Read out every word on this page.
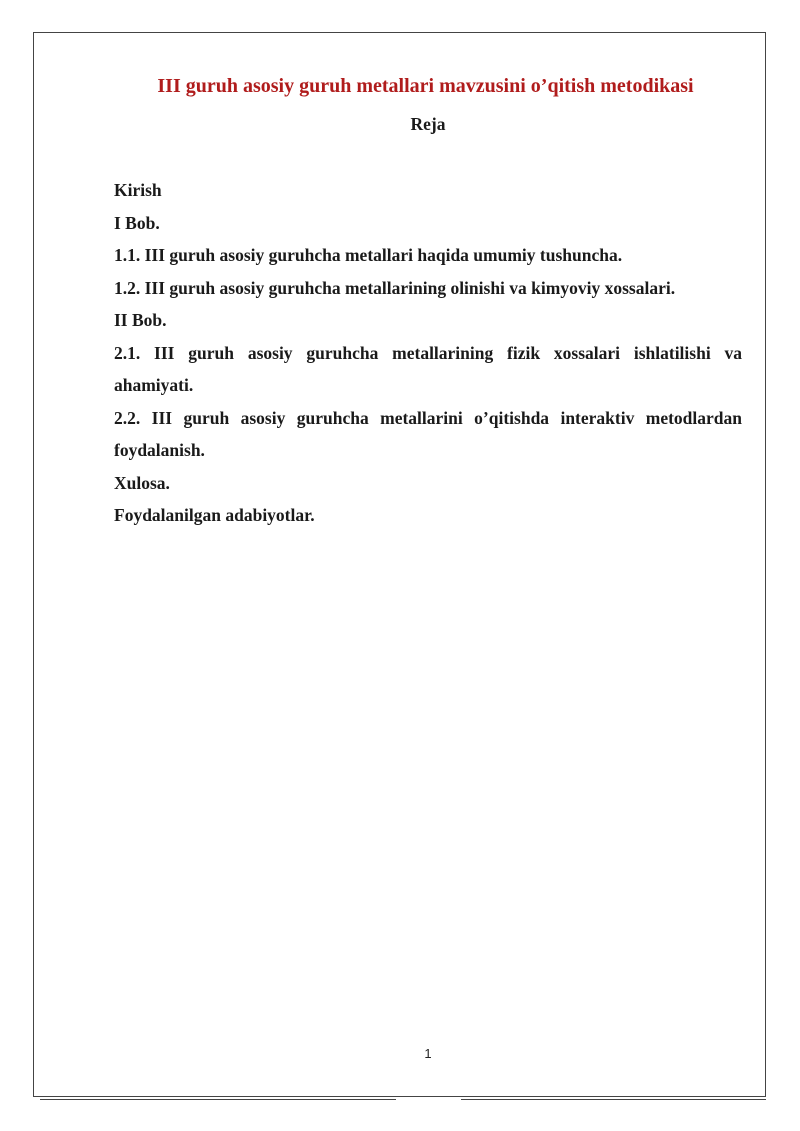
III guruh asosiy guruh metallari mavzusini o’qitish metodikasi
Reja
Kirish
I Bob.
1.1. III guruh asosiy guruhcha metallari haqida umumiy tushuncha.
1.2. III guruh asosiy guruhcha metallarining olinishi va kimyoviy xossalari.
II Bob.
2.1. III guruh asosiy guruhcha metallarining fizik xossalari ishlatilishi va
ahamiyati.
2.2. III guruh asosiy guruhcha metallarini o’qitishda interaktiv metodlardan
foydalanish.
Xulosa.
Foydalanilgan adabiyotlar.
1
